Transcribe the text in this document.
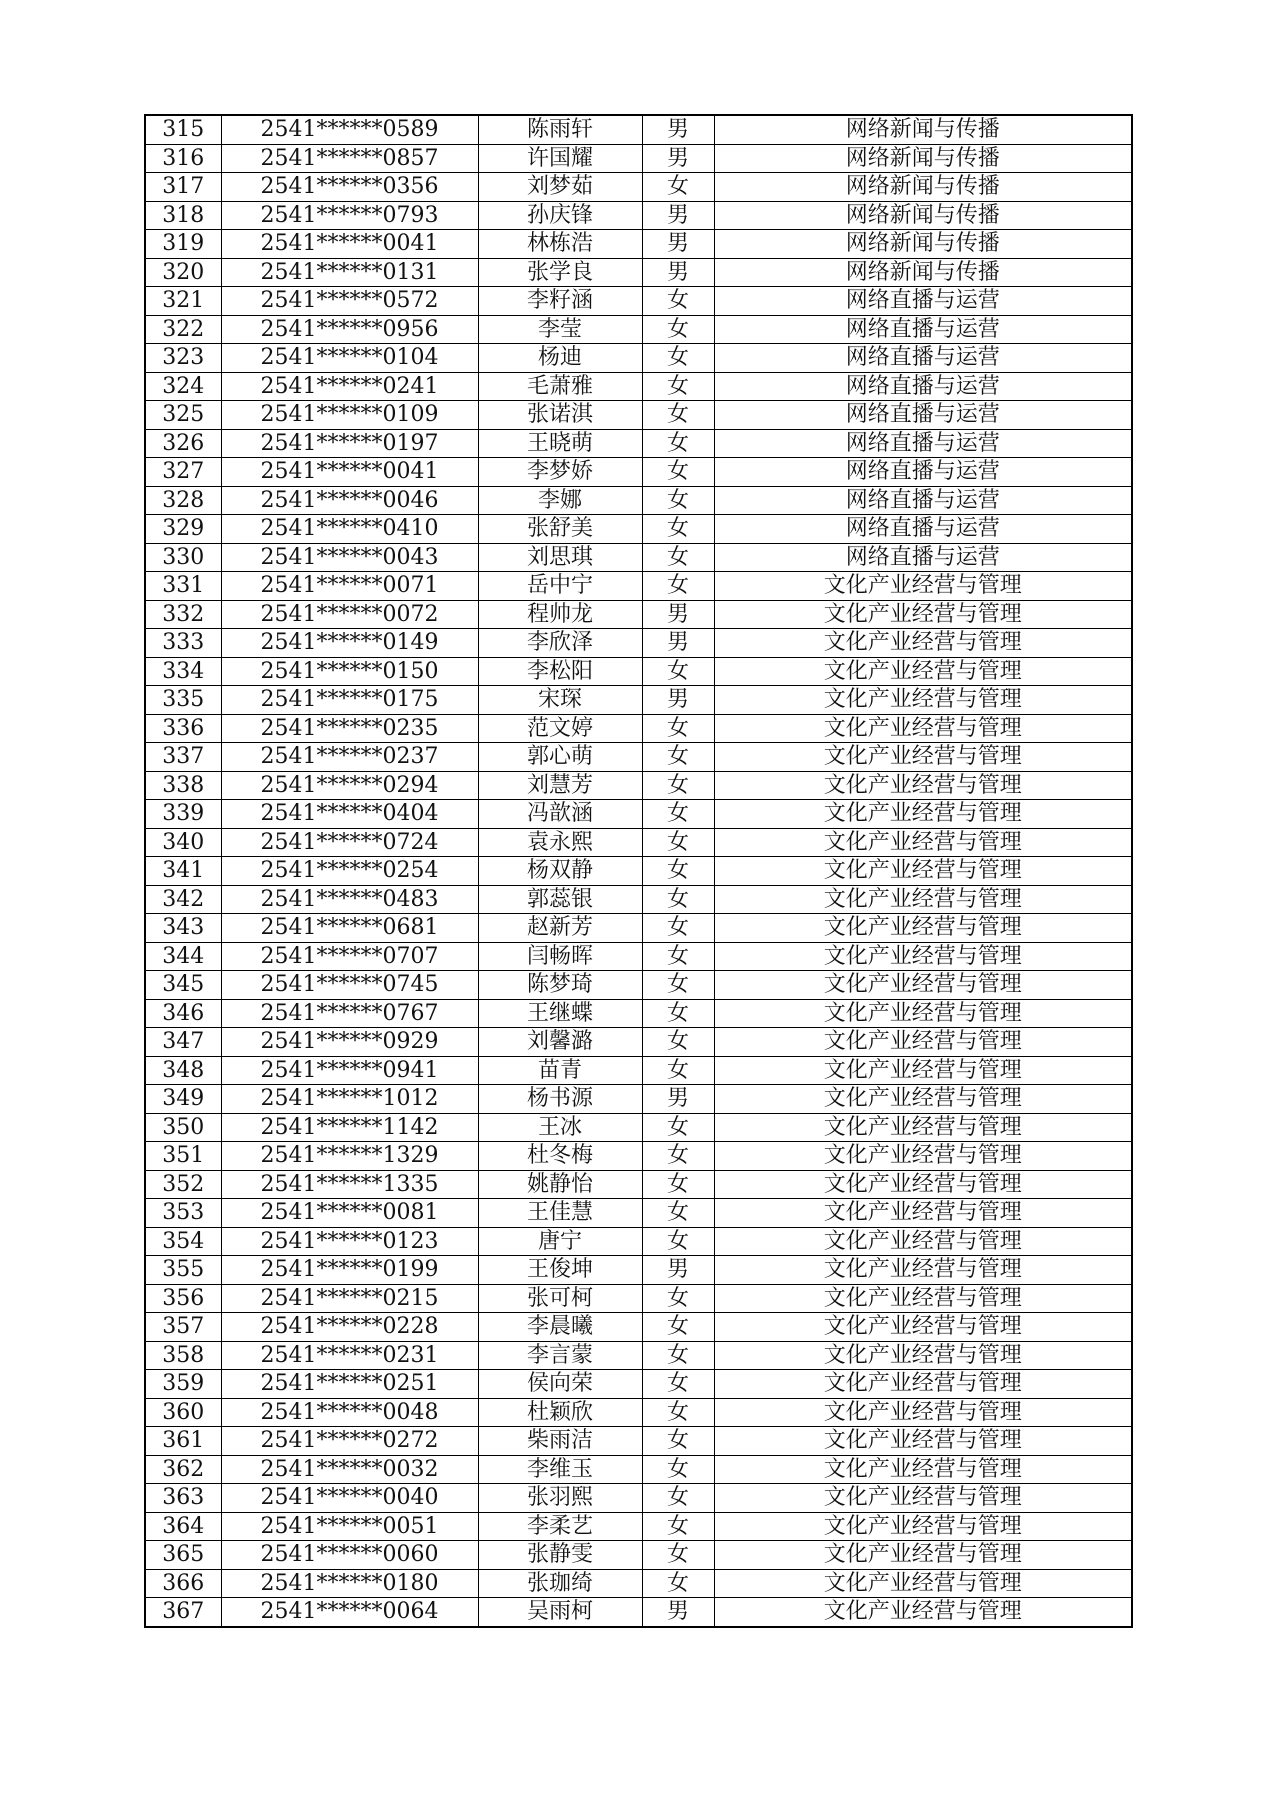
315	2541******0589	陈雨轩	男	网络新闻与传播
316	2541******0857	许国耀	男	网络新闻与传播
317	2541******0356	刘梦茹	女	网络新闻与传播
318	2541******0793	孙庆锋	男	网络新闻与传播
319	2541******0041	林栋浩	男	网络新闻与传播
320	2541******0131	张学良	男	网络新闻与传播
321	2541******0572	李籽涵	女	网络直播与运营
322	2541******0956	李莹	女	网络直播与运营
323	2541******0104	杨迪	女	网络直播与运营
324	2541******0241	毛萧雅	女	网络直播与运营
325	2541******0109	张诺淇	女	网络直播与运营
326	2541******0197	王晓萌	女	网络直播与运营
327	2541******0041	李梦娇	女	网络直播与运营
328	2541******0046	李娜	女	网络直播与运营
329	2541******0410	张舒美	女	网络直播与运营
330	2541******0043	刘思琪	女	网络直播与运营
331	2541******0071	岳中宁	女	文化产业经营与管理
332	2541******0072	程帅龙	男	文化产业经营与管理
333	2541******0149	李欣泽	男	文化产业经营与管理
334	2541******0150	李松阳	女	文化产业经营与管理
335	2541******0175	宋琛	男	文化产业经营与管理
336	2541******0235	范文婷	女	文化产业经营与管理
337	2541******0237	郭心萌	女	文化产业经营与管理
338	2541******0294	刘慧芳	女	文化产业经营与管理
339	2541******0404	冯歆涵	女	文化产业经营与管理
340	2541******0724	袁永熙	女	文化产业经营与管理
341	2541******0254	杨双静	女	文化产业经营与管理
342	2541******0483	郭蕊银	女	文化产业经营与管理
343	2541******0681	赵新芳	女	文化产业经营与管理
344	2541******0707	闫畅晖	女	文化产业经营与管理
345	2541******0745	陈梦琦	女	文化产业经营与管理
346	2541******0767	王继蝶	女	文化产业经营与管理
347	2541******0929	刘馨潞	女	文化产业经营与管理
348	2541******0941	苗青	女	文化产业经营与管理
349	2541******1012	杨书源	男	文化产业经营与管理
350	2541******1142	王冰	女	文化产业经营与管理
351	2541******1329	杜冬梅	女	文化产业经营与管理
352	2541******1335	姚静怡	女	文化产业经营与管理
353	2541******0081	王佳慧	女	文化产业经营与管理
354	2541******0123	唐宁	女	文化产业经营与管理
355	2541******0199	王俊坤	男	文化产业经营与管理
356	2541******0215	张可柯	女	文化产业经营与管理
357	2541******0228	李晨曦	女	文化产业经营与管理
358	2541******0231	李言蒙	女	文化产业经营与管理
359	2541******0251	侯向荣	女	文化产业经营与管理
360	2541******0048	杜颖欣	女	文化产业经营与管理
361	2541******0272	柴雨洁	女	文化产业经营与管理
362	2541******0032	李维玉	女	文化产业经营与管理
363	2541******0040	张羽熙	女	文化产业经营与管理
364	2541******0051	李柔艺	女	文化产业经营与管理
365	2541******0060	张静雯	女	文化产业经营与管理
366	2541******0180	张珈绮	女	文化产业经营与管理
367	2541******0064	吴雨柯	男	文化产业经营与管理
